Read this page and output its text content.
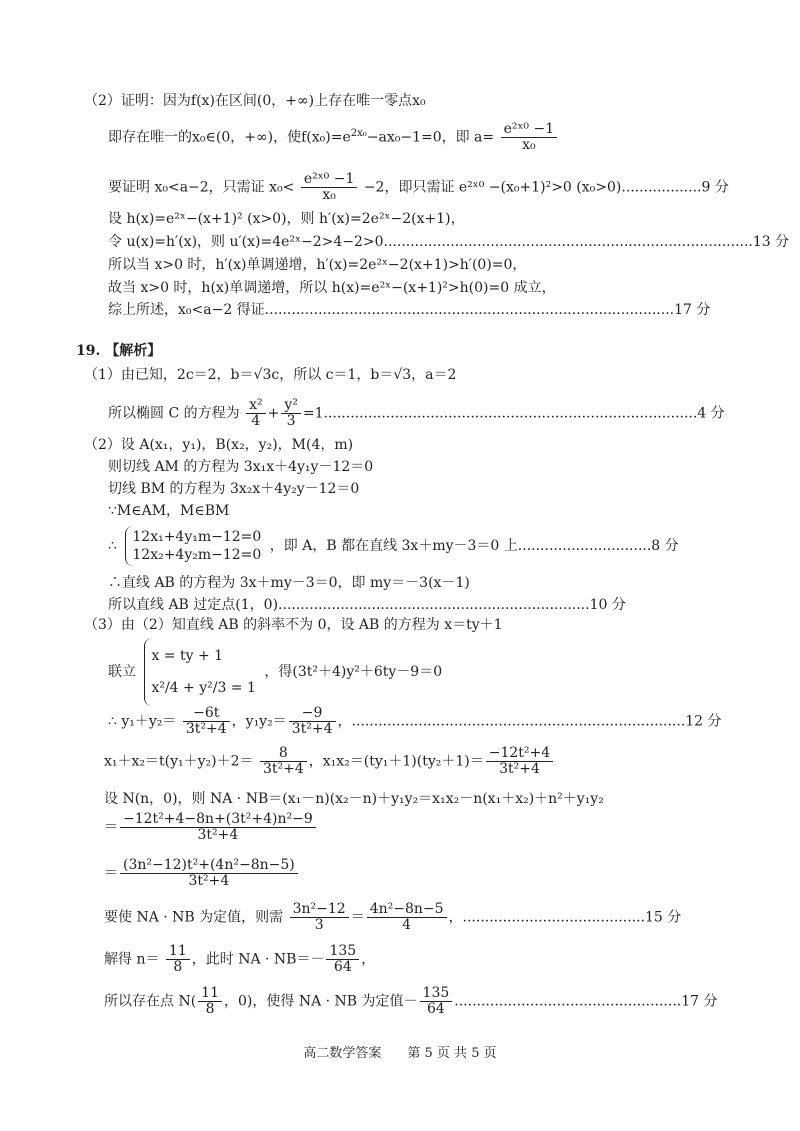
（2）证明：因为f(x)在区间(0，+∞)上存在唯一零点x₀
即存在唯一的x₀∈(0，+∞)，使$f(x_0)=e^{2x_0}-ax_0-1=0$，即 $a= \frac{\text{e²ˣ⁰ −1}}{\text{x₀}}$
要证明 x₀<a−2，只需证 $x_0< \frac{\text{e²ˣ⁰ −1}}{\text{x₀}} -2$，即只需证 e²ˣ⁰ −(x₀+1)²>0 (x₀>0)..................9 分
设 h(x)=e²ˣ−(x+1)² (x>0)，则 h′(x)=2e²ˣ−2(x+1)，
令 u(x)=h′(x)，则 u′(x)=4e²ˣ−2>4−2>0...................................................................................13 分
所以当 x>0 时，h′(x)单调递增，h′(x)=2e²ˣ−2(x+1)>h′(0)=0，
故当 x>0 时，h(x)单调递增，所以 h(x)=e²ˣ−(x+1)²>h(0)=0 成立，
综上所述，x₀<a−2 得证............................................................................................17 分
19. 【解析】
（1）由已知，2c＝2，b＝√3c，所以 c＝1，b＝√3，a＝2
所以椭圆 C 的方程为 $\frac{\text{x²}}{4} + \frac{\text{y²}}{3} =1....................................................................................4$ 分
（2）设 A(x₁，y₁)，B(x₂，y₂)，M(4，m)
则切线 AM 的方程为 3x₁x＋4y₁y－12＝0
切线 BM 的方程为 3x₂x＋4y₂y－12＝0
∵M∈AM，M∈BM
∴
12x₁+4y₁m−12=0
12x₂+4y₂m−12=0
，即 A，B 都在直线 3x＋my－3＝0 上..............................8 分
∴直线 AB 的方程为 3x＋my－3＝0，即 my＝－3(x－1)
所以直线 AB 过定点(1，0)......................................................................10 分
（3）由（2）知直线 AB 的斜率不为 0，设 AB 的方程为 x＝ty＋1
联立
x = ty + 1
x²/4 + y²/3 = 1
，得(3t²＋4)y²＋6ty－9＝0
∴ $y_1+y_2= \frac{-6t}{\text{3t²+4}}$ ，$y_1y_2= \frac{-9}{\text{3t²+4}}$ ，...........................................................................12 分
$x_1+x_2=t(y_1+y_2)+2= \frac{8}{\text{3t²+4}}$ ，$x_1x_2=(ty_1+1)(ty_2+1)= \frac{\text{−12t²+4}}{\text{3t²+4}}$
设 N(n，0)，则 NA · NB＝(x₁－n)(x₂－n)＋y₁y₂＝x₁x₂－n(x₁＋x₂)＋n²＋y₁y₂
＝ $\frac{\text{−12t²+4−8n+(3t²+4)n²−9}}{\text{3t²+4}}$
＝ $\frac{\text{(3n²−12)t²+(4n²−8n−5)}}{\text{3t²+4}}$
要使 NA · NB 为定值，则需 $\frac{\text{3n²−12}}{3} = \frac{\text{4n²−8n−5}}{4}$ ，.........................................15 分
解得 $n= \frac{11}{8}$ ，此时 NA · $NB=- \frac{135}{64}$ ，
所以存在点 $N( \frac{11}{8}$ ，0)，使得 NA · NB 为定值－ $\frac{135}{64} ...................................................17$ 分
高二数学答案　　第 5 页 共 5 页
